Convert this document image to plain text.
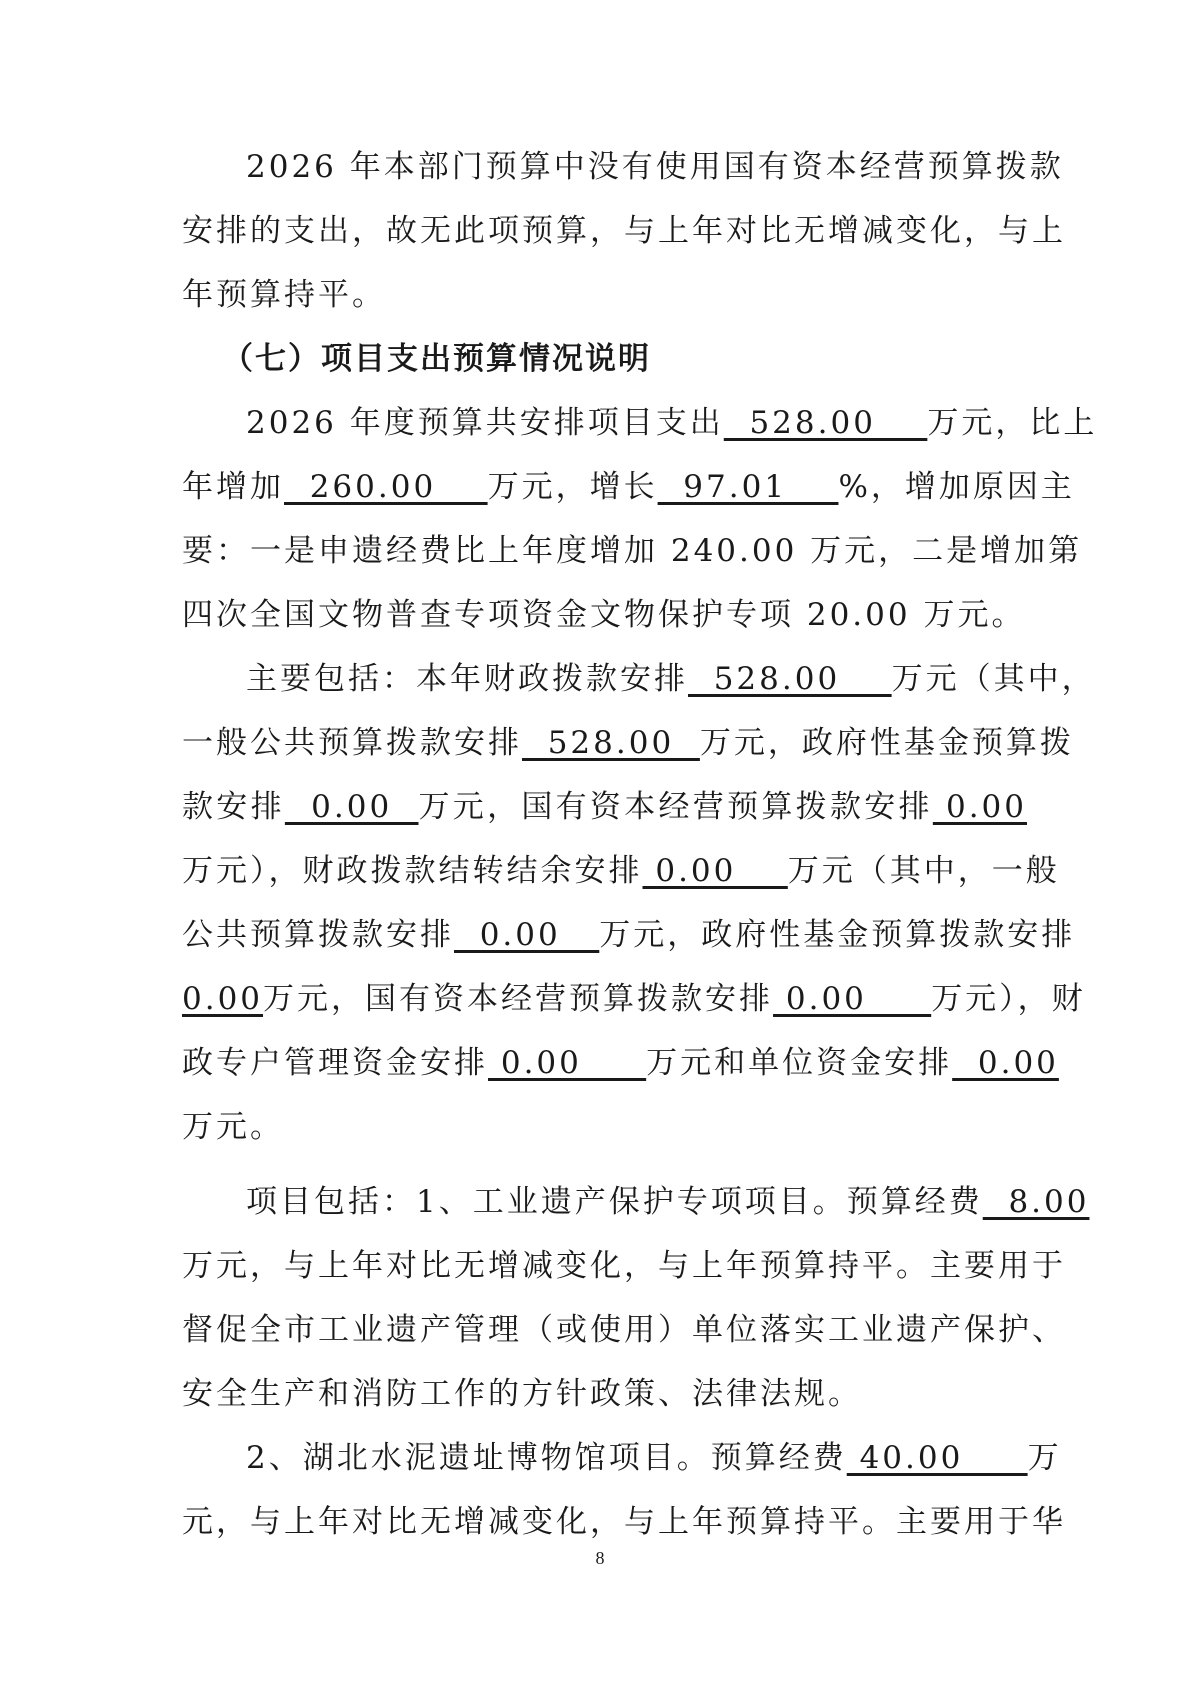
2026 年本部门预算中没有使用国有资本经营预算拨款
安排的支出，故无此项预算，与上年对比无增减变化，与上
年预算持平。
（七）项目支出预算情况说明
2026 年度预算共安排项目支出  528.00    万元，比上
年增加  260.00    万元，增长  97.01    %，增加原因主
要：一是申遗经费比上年度增加 240.00 万元，二是增加第
四次全国文物普查专项资金文物保护专项 20.00 万元。
主要包括：本年财政拨款安排  528.00    万元（其中，
一般公共预算拨款安排  528.00  万元，政府性基金预算拨
款安排  0.00  万元，国有资本经营预算拨款安排 0.00
万元），财政拨款结转结余安排 0.00    万元（其中，一般
公共预算拨款安排  0.00   万元，政府性基金预算拨款安排
0.00万元，国有资本经营预算拨款安排 0.00     万元），财
政专户管理资金安排 0.00     万元和单位资金安排  0.00
万元。
项目包括：1、工业遗产保护专项项目。预算经费  8.00
万元，与上年对比无增减变化，与上年预算持平。主要用于
督促全市工业遗产管理（或使用）单位落实工业遗产保护、
安全生产和消防工作的方针政策、法律法规。
2、湖北水泥遗址博物馆项目。预算经费 40.00     万
元，与上年对比无增减变化，与上年预算持平。主要用于华
8
